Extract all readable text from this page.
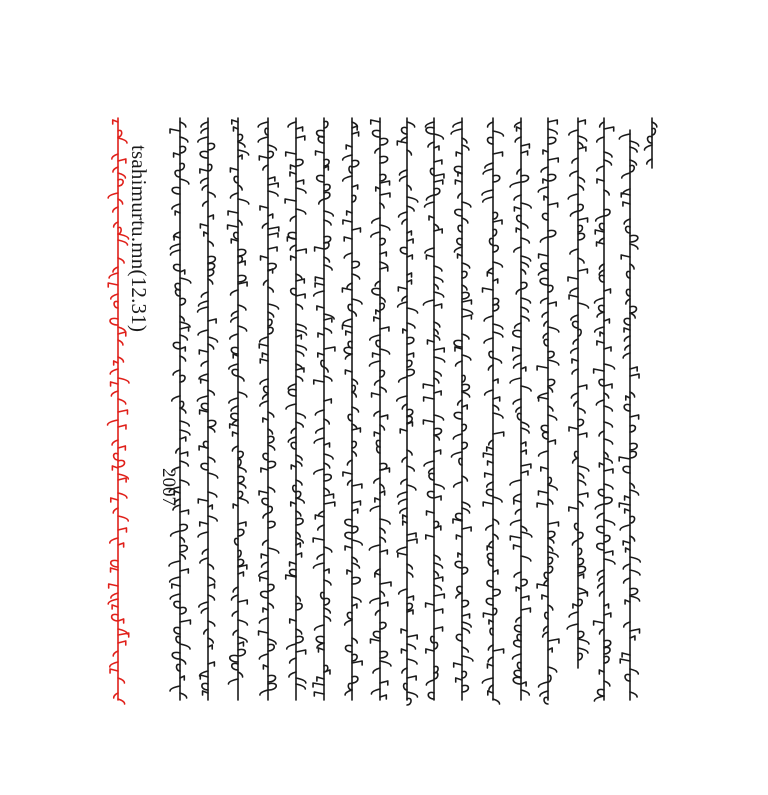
tsahimurtu.mn(12.31)
2007
